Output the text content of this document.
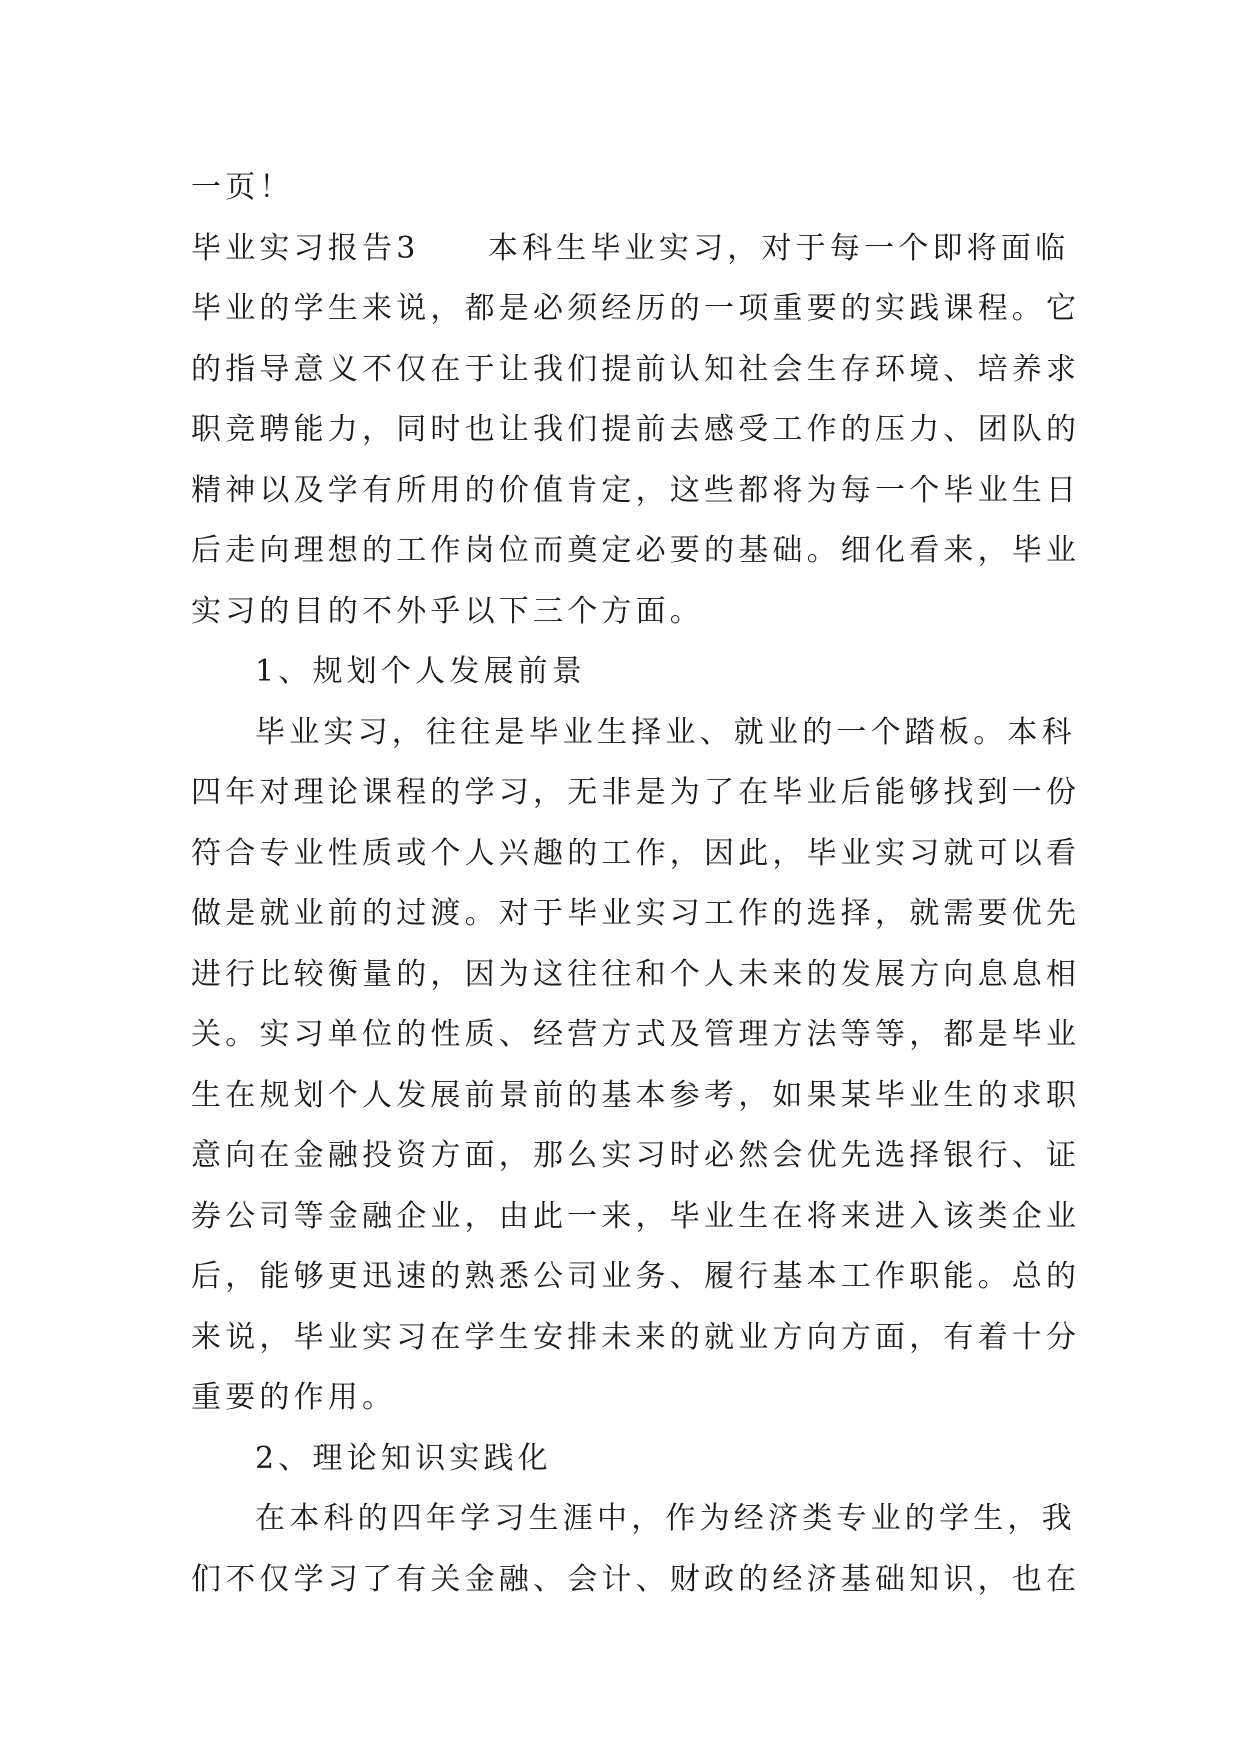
一页！
毕业实习报告3　　本科生毕业实习，对于每一个即将面临
毕业的学生来说，都是必须经历的一项重要的实践课程。它
的指导意义不仅在于让我们提前认知社会生存环境、培养求
职竞聘能力，同时也让我们提前去感受工作的压力、团队的
精神以及学有所用的价值肯定，这些都将为每一个毕业生日
后走向理想的工作岗位而奠定必要的基础。细化看来，毕业
实习的目的不外乎以下三个方面。
1、规划个人发展前景
毕业实习，往往是毕业生择业、就业的一个踏板。本科
四年对理论课程的学习，无非是为了在毕业后能够找到一份
符合专业性质或个人兴趣的工作，因此，毕业实习就可以看
做是就业前的过渡。对于毕业实习工作的选择，就需要优先
进行比较衡量的，因为这往往和个人未来的发展方向息息相
关。实习单位的性质、经营方式及管理方法等等，都是毕业
生在规划个人发展前景前的基本参考，如果某毕业生的求职
意向在金融投资方面，那么实习时必然会优先选择银行、证
券公司等金融企业，由此一来，毕业生在将来进入该类企业
后，能够更迅速的熟悉公司业务、履行基本工作职能。总的
来说，毕业实习在学生安排未来的就业方向方面，有着十分
重要的作用。
2、理论知识实践化
在本科的四年学习生涯中，作为经济类专业的学生，我
们不仅学习了有关金融、会计、财政的经济基础知识，也在
